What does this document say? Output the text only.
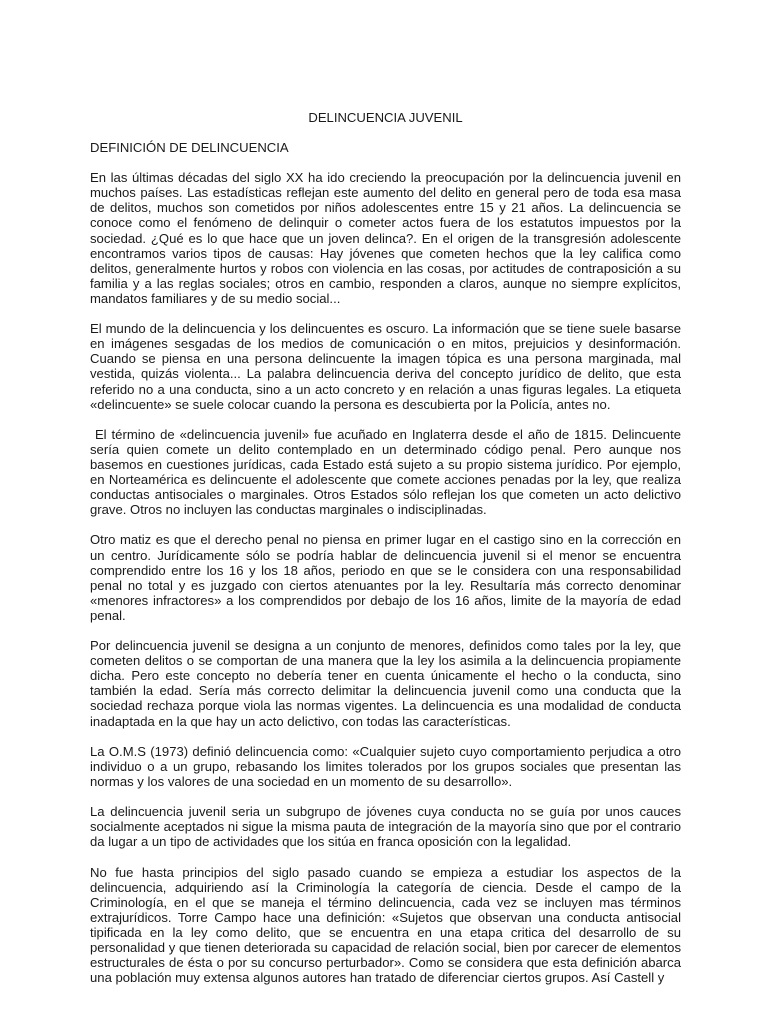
DELINCUENCIA JUVENIL
DEFINICIÓN DE DELINCUENCIA

En las últimas décadas del siglo XX ha ido creciendo la preocupación por la delincuencia juvenil en muchos países. Las estadísticas reflejan este aumento del delito en general pero de toda esa masa de delitos, muchos son cometidos por niños adolescentes entre 15 y 21 años. La delincuencia se conoce como el fenómeno de delinquir o cometer actos fuera de los estatutos impuestos por la sociedad. ¿Qué es lo que hace que un joven delinca?. En el origen de la transgresión adolescente encontramos varios tipos de causas: Hay jóvenes que cometen hechos que la ley califica como delitos, generalmente hurtos y robos con violencia en las cosas, por actitudes de contraposición a su familia y a las reglas sociales; otros en cambio, responden a claros, aunque no siempre explícitos, mandatos familiares y de su medio social...

El mundo de la delincuencia y los delincuentes es oscuro. La información que se tiene suele basarse en imágenes sesgadas de los medios de comunicación o en mitos, prejuicios y desinformación. Cuando se piensa en una persona delincuente la imagen tópica es una persona marginada, mal vestida, quizás violenta... La palabra delincuencia deriva del concepto jurídico de delito, que esta referido no a una conducta, sino a un acto concreto y en relación a unas figuras legales. La etiqueta «delincuente» se suele colocar cuando la persona es descubierta por la Policía, antes no.

El término de «delincuencia juvenil» fue acuñado en Inglaterra desde el año de 1815. Delincuente sería quien comete un delito contemplado en un determinado código penal. Pero aunque nos basemos en cuestiones jurídicas, cada Estado está sujeto a su propio sistema jurídico. Por ejemplo, en Norteamérica es delincuente el adolescente que comete acciones penadas por la ley, que realiza conductas antisociales o marginales. Otros Estados sólo reflejan los que cometen un acto delictivo grave. Otros no incluyen las conductas marginales o indisciplinadas.

Otro matiz es que el derecho penal no piensa en primer lugar en el castigo sino en la corrección en un centro. Jurídicamente sólo se podría hablar de delincuencia juvenil si el menor se encuentra comprendido entre los 16 y los 18 años, periodo en que se le considera con una responsabilidad penal no total y es juzgado con ciertos atenuantes por la ley. Resultaría más correcto denominar «menores infractores» a los comprendidos por debajo de los 16 años, limite de la mayoría de edad penal.

Por delincuencia juvenil se designa a un conjunto de menores, definidos como tales por la ley, que cometen delitos o se comportan de una manera que la ley los asimila a la delincuencia propiamente dicha. Pero este concepto no debería tener en cuenta únicamente el hecho o la conducta, sino también la edad. Sería más correcto delimitar la delincuencia juvenil como una conducta que la sociedad rechaza porque viola las normas vigentes. La delincuencia es una modalidad de conducta inadaptada en la que hay un acto delictivo, con todas las características.

La O.M.S (1973) definió delincuencia como: «Cualquier sujeto cuyo comportamiento perjudica a otro individuo o a un grupo, rebasando los limites tolerados por los grupos sociales que presentan las normas y los valores de una sociedad en un momento de su desarrollo».

La delincuencia juvenil seria un subgrupo de jóvenes cuya conducta no se guía por unos cauces socialmente aceptados ni sigue la misma pauta de integración de la mayoría sino que por el contrario da lugar a un tipo de actividades que los sitúa en franca oposición con la legalidad.

No fue hasta principios del siglo pasado cuando se empieza a estudiar los aspectos de la delincuencia, adquiriendo así la Criminología la categoría de ciencia. Desde el campo de la Criminología, en el que se maneja el término delincuencia, cada vez se incluyen mas términos extrajurídicos. Torre Campo hace una definición: «Sujetos que observan una conducta antisocial tipificada en la ley como delito, que se encuentra en una etapa critica del desarrollo de su personalidad y que tienen deteriorada su capacidad de relación social, bien por carecer de elementos estructurales de ésta o por su concurso perturbador». Como se considera que esta definición abarca una población muy extensa algunos autores han tratado de diferenciar ciertos grupos. Así Castell y
